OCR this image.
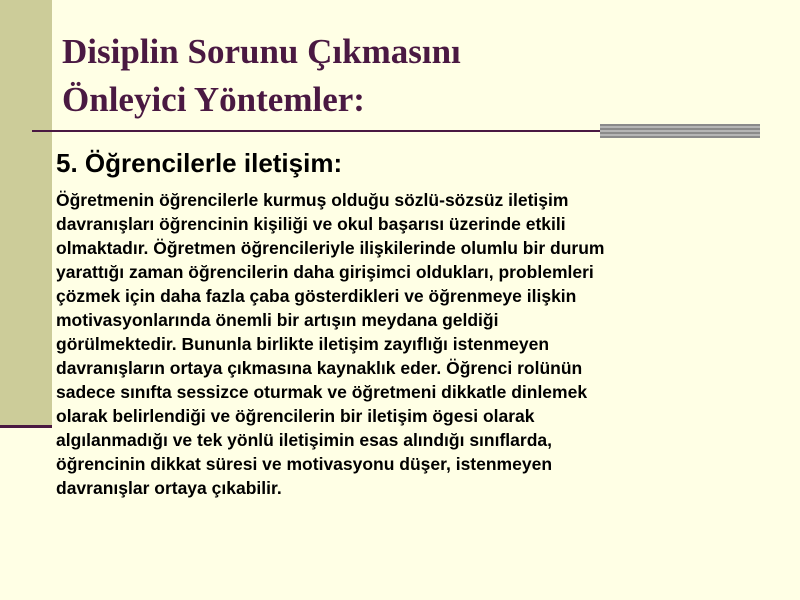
Disiplin Sorunu Çıkmasını
Önleyici Yöntemler:
5. Öğrencilerle iletişim:

Öğretmenin öğrencilerle kurmuş olduğu sözlü-sözsüz iletişim
davranışları öğrencinin kişiliği ve okul başarısı üzerinde etkili
olmaktadır. Öğretmen öğrencileriyle ilişkilerinde olumlu bir durum
yarattığı zaman öğrencilerin daha girişimci oldukları, problemleri
çözmek için daha fazla çaba gösterdikleri ve öğrenmeye ilişkin
motivasyonlarında önemli bir artışın meydana geldiği
görülmektedir. Bununla birlikte iletişim zayıflığı istenmeyen
davranışların ortaya çıkmasına kaynaklık eder. Öğrenci rolünün
sadece sınıfta sessizce oturmak ve öğretmeni dikkatle dinlemek
olarak belirlendiği ve öğrencilerin bir iletişim ögesi olarak
algılanmadığı ve tek yönlü iletişimin esas alındığı sınıflarda,
öğrencinin dikkat süresi ve motivasyonu düşer, istenmeyen
davranışlar ortaya çıkabilir.
